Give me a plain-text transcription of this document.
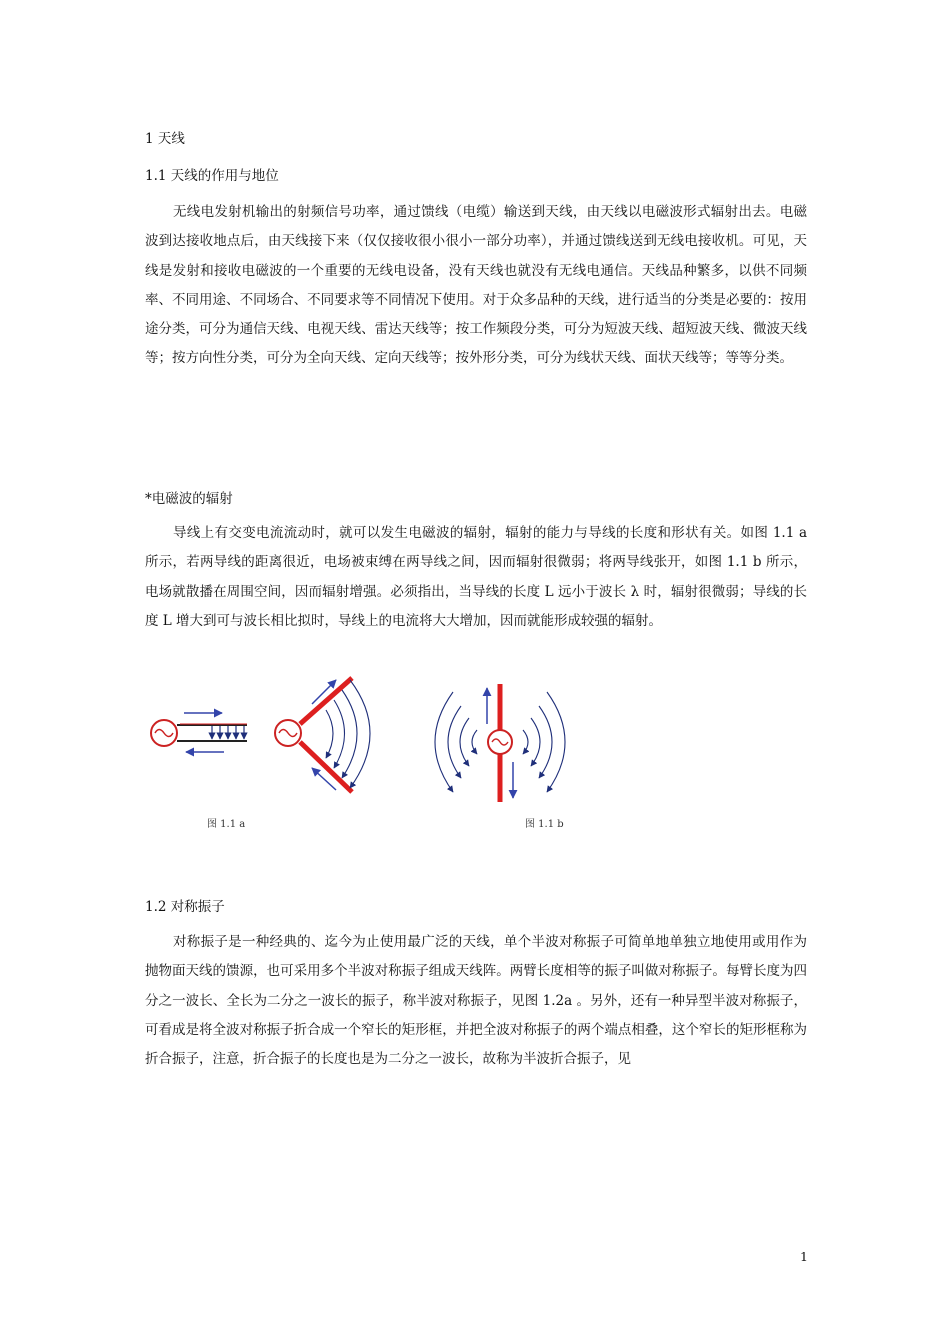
1 天线
1.1 天线的作用与地位

无线电发射机输出的射频信号功率，通过馈线（电缆）输送到天线，由天线以电磁波形式辐射出去。电磁波到达接收地点后，由天线接下来（仅仅接收很小很小一部分功率），并通过馈线送到无线电接收机。可见，天线是发射和接收电磁波的一个重要的无线电设备，没有天线也就没有无线电通信。天线品种繁多，以供不同频率、不同用途、不同场合、不同要求等不同情况下使用。对于众多品种的天线，进行适当的分类是必要的：按用途分类，可分为通信天线、电视天线、雷达天线等；按工作频段分类，可分为短波天线、超短波天线、微波天线等；按方向性分类，可分为全向天线、定向天线等；按外形分类，可分为线状天线、面状天线等；等等分类。

*电磁波的辐射

导线上有交变电流流动时，就可以发生电磁波的辐射，辐射的能力与导线的长度和形状有关。如图 1.1 a 所示，若两导线的距离很近，电场被束缚在两导线之间，因而辐射很微弱；将两导线张开，如图 1.1 b 所示，电场就散播在周围空间，因而辐射增强。必须指出，当导线的长度 L 远小于波长 λ 时，辐射很微弱；导线的长度 L 增大到可与波长相比拟时，导线上的电流将大大增加，因而就能形成较强的辐射。

图 1.1 a	图 1.1 b
1.2 对称振子

对称振子是一种经典的、迄今为止使用最广泛的天线，单个半波对称振子可简单地单独立地使用或用作为抛物面天线的馈源，也可采用多个半波对称振子组成天线阵。两臂长度相等的振子叫做对称振子。每臂长度为四分之一波长、全长为二分之一波长的振子，称半波对称振子，见图 1.2a 。另外，还有一种异型半波对称振子，可看成是将全波对称振子折合成一个窄长的矩形框，并把全波对称振子的两个端点相叠，这个窄长的矩形框称为折合振子，注意，折合振子的长度也是为二分之一波长，故称为半波折合振子，见

1
